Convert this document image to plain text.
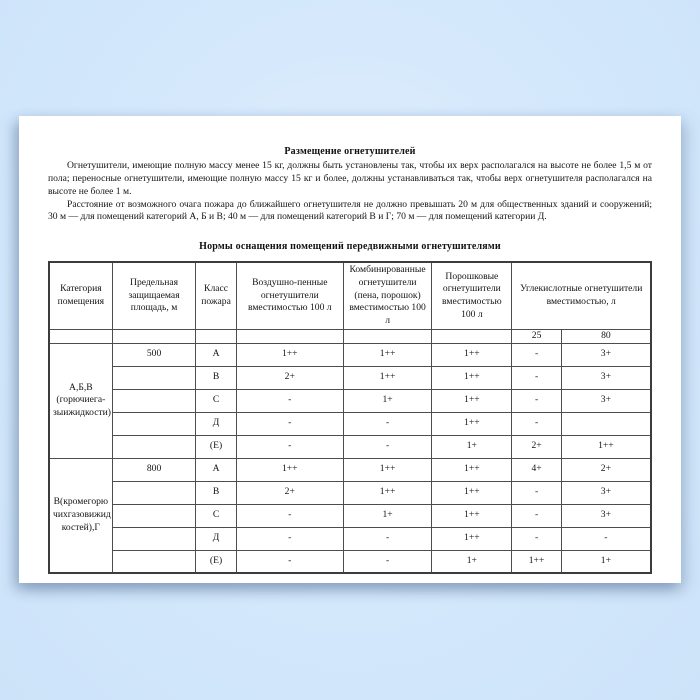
Размещение огнетушителей

Огнетушители, имеющие полную массу менее 15 кг, должны быть установлены так, чтобы их верх располагался на высоте не более 1,5 м от пола; переносные огнетушители, имеющие полную массу 15 кг и более, должны устанавливаться так, чтобы верх огнетушителя располагался на высоте не более 1 м.

Расстояние от возможного очага пожара до ближайшего огнетушителя не должно превышать 20 м для общественных зданий и сооружений; 30 м — для помещений категорий А, Б и В; 40 м — для помещений категорий В и Г; 70 м — для помещений категории Д.

Нормы оснащения помещений передвижными огнетушителями
Категория помещения	Предельная защищаемая площадь, м	Класс пожара	Воздушно-пенные огнетушители вместимостью 100 л	Комбинированные огнетушители (пена, порошок) вместимостью 100 л	Порошковые огнетушители вместимостью 100 л	Углекислотные огнетушители вместимостью, л	
						25	80
А,Б,В (горючиега- зыижидкости)	500	А	1++	1++	1++	-	3+
		В	2+	1++	1++	-	3+
		С	-	1+	1++	-	3+
		Д	-	-	1++	-	
		(Е)	-	-	1+	2+	1++
В(кромегорю чихгазовижид костей),Г	800	А	1++	1++	1++	4+	2+
		В	2+	1++	1++	-	3+
		С	-	1+	1++	-	3+
		Д	-	-	1++	-	-
		(Е)	-	-	1+	1++	1+
